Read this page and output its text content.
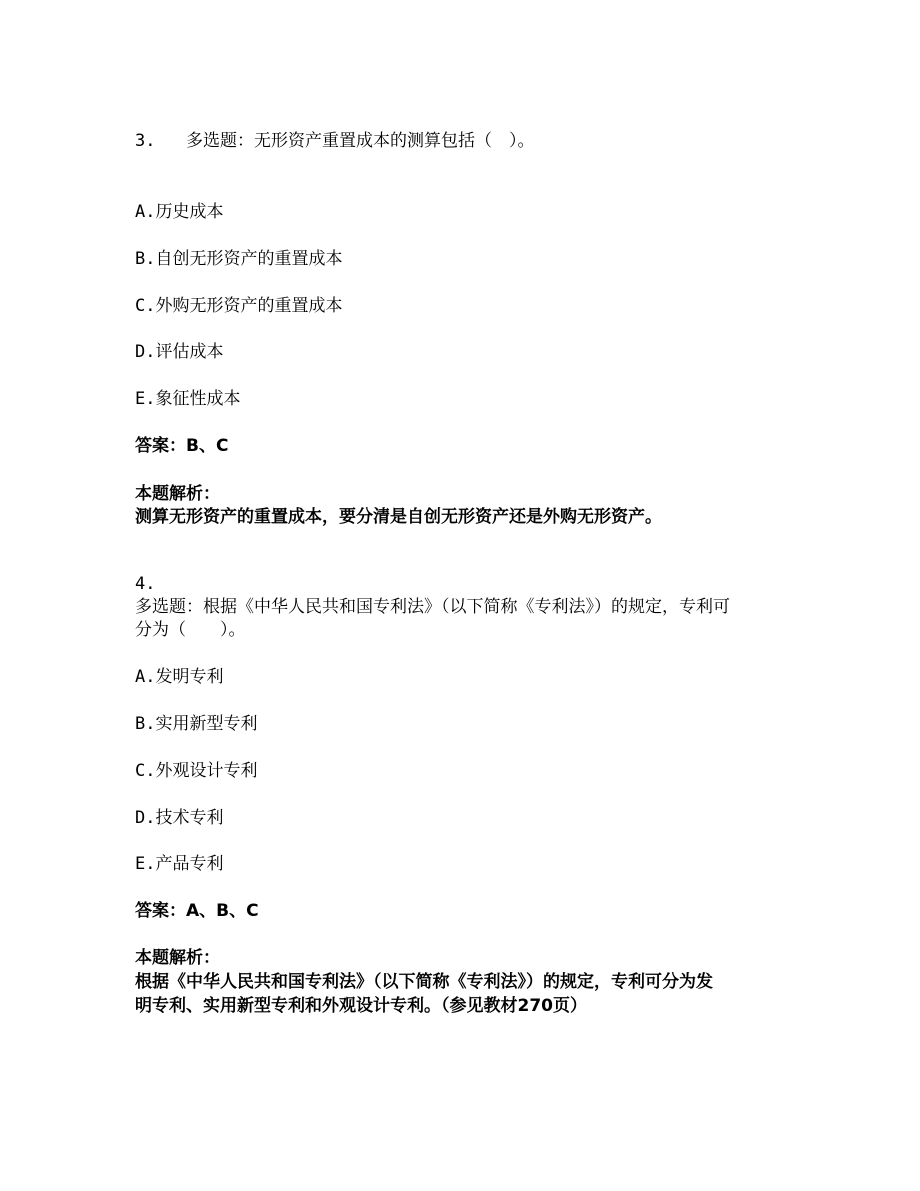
3. 多选题：无形资产重置成本的测算包括（　）。
A.历史成本
B.自创无形资产的重置成本
C.外购无形资产的重置成本
D.评估成本
E.象征性成本
答案：B、C
本题解析：
测算无形资产的重置成本，要分清是自创无形资产还是外购无形资产。
4.
多选题：根据《中华人民共和国专利法》（以下简称《专利法》）的规定，专利可
分为（　　）。
A.发明专利
B.实用新型专利
C.外观设计专利
D.技术专利
E.产品专利
答案：A、B、C
本题解析：
根据《中华人民共和国专利法》（以下简称《专利法》）的规定，专利可分为发
明专利、实用新型专利和外观设计专利。（参见教材270页）
